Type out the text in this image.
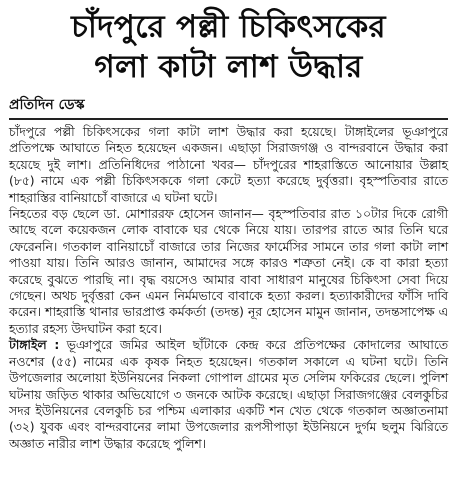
চাঁদপুরে পল্লী চিকিৎসকের
গলা কাটা লাশ উদ্ধার
প্রতিদিন ডেস্ক

চাঁদপুরে পল্লী চিকিৎসকের গলা কাটা লাশ উদ্ধার করা হয়েছে। টাঙ্গাইলের ভূঞাপুরে প্রতিপক্ষে আঘাতে নিহত হয়েছেন একজন। এছাড়া সিরাজগঞ্জ ও বান্দরবানে উদ্ধার করা হয়েছে দুই লাশ। প্রতিনিধিদের পাঠানো খবর— চাঁদপুরের শাহরাস্তিতে আনোয়ার উল্লাহ (৮৫) নামে এক পল্লী চিকিৎসককে গলা কেটে হত্যা করেছে দুর্বৃত্তরা। বৃহস্পতিবার রাতে শাহরাস্তির বানিয়াচোঁ বাজারে এ ঘটনা ঘটে।

নিহতের বড় ছেলে ডা. মোশাররফ হোসেন জানান— বৃহস্পতিবার রাত ১০টার দিকে রোগী আছে বলে কয়েকজন লোক বাবাকে ঘর থেকে নিয়ে যায়। তারপর রাতে আর তিনি ঘরে ফেরেননি। গতকাল বানিয়াচোঁ বাজারে তার নিজের ফার্মেসির সামনে তার গলা কাটা লাশ পাওয়া যায়। তিনি আরও জানান, আমাদের সঙ্গে কারও শত্রুতা নেই। কে বা কারা হত্যা করেছে বুঝতে পারছি না। বৃদ্ধ বয়সেও আমার বাবা সাধারণ মানুষের চিকিৎসা সেবা দিয়ে গেছেন। অথচ দুর্বৃত্তরা কেন এমন নির্মমভাবে বাবাকে হত্যা করল। হত্যাকারীদের ফাঁসি দাবি করেন। শাহরাস্তি থানার ভারপ্রাপ্ত কর্মকর্তা (তদন্ত) নূর হোসেন মামুন জানান, তদন্তসাপেক্ষ এ হত্যার রহস্য উদঘাটন করা হবে।

টাঙ্গাইল : ভূঞাপুরে জমির আইল ছাঁটাকে কেন্দ্র করে প্রতিপক্ষের কোদালের আঘাতে নওশের (৫৫) নামের এক কৃষক নিহত হয়েছেন। গতকাল সকালে এ ঘটনা ঘটে। তিনি উপজেলার অলোয়া ইউনিয়নের নিকলা গোপাল গ্রামের মৃত সেলিম ফকিরের ছেলে। পুলিশ ঘটনায় জড়িত থাকার অভিযোগে ৩ জনকে আটক করেছে। এছাড়া সিরাজগঞ্জের বেলকুচির সদর ইউনিয়নের বেলকুচি চর পশ্চিম এলাকার একটি শন খেত থেকে গতকাল অজ্ঞাতনামা (৩২) যুবক এবং বান্দরবানের লামা উপজেলার রূপসীপাড়া ইউনিয়নে দুর্গম ছলুম ঝিরিতে অজ্ঞাত নারীর লাশ উদ্ধার করেছে পুলিশ।
